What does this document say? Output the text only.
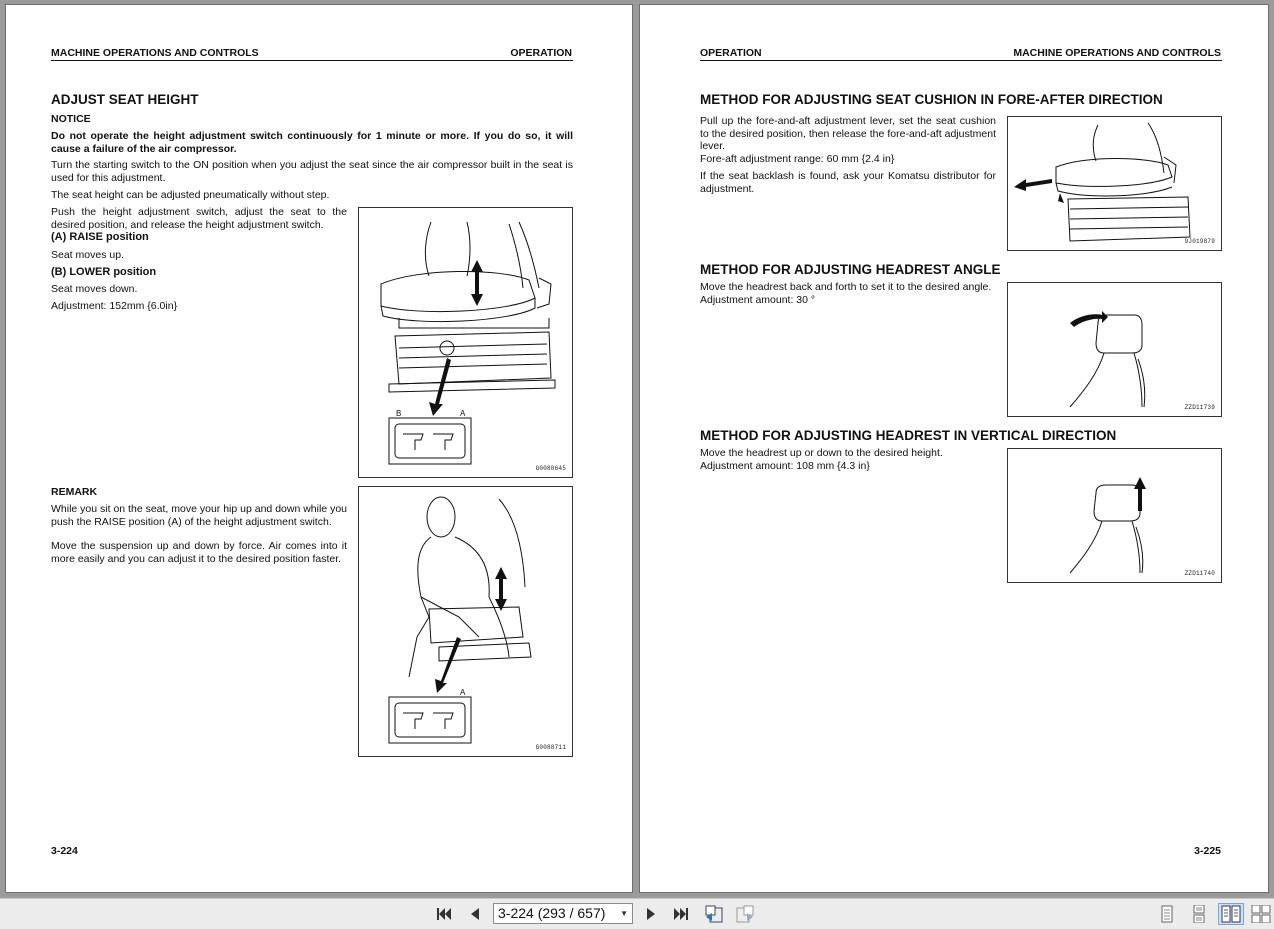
MACHINE OPERATIONS AND CONTROLS	OPERATION
ADJUST SEAT HEIGHT

NOTICE

Do not operate the height adjustment switch continuously for 1 minute or more. If you do so, it will cause a failure of the air compressor.

Turn the starting switch to the ON position when you adjust the seat since the air compressor built in the seat is used for this adjustment.

The seat height can be adjusted pneumatically without step.

Push the height adjustment switch, adjust the seat to the desired position, and release the height adjustment switch.

(A) RAISE position

Seat moves up.

(B) LOWER position

Seat moves down.

Adjustment: 152mm {6.0in}

REMARK

While you sit on the seat, move your hip up and down while you push the RAISE position (A) of the height adjustment switch.

Move the suspension up and down by force. Air comes into it more easily and you can adjust it to the desired position faster.

B	A
G0088645
A
G0088711
3-224
OPERATION	MACHINE OPERATIONS AND CONTROLS
METHOD FOR ADJUSTING SEAT CUSHION IN FORE-AFTER DIRECTION

Pull up the fore-and-aft adjustment lever, set the seat cushion to the desired position, then release the fore-and-aft adjustment lever.

Fore-aft adjustment range: 60 mm {2.4 in}

If the seat backlash is found, ask your Komatsu distributor for adjustment.

9J019879
METHOD FOR ADJUSTING HEADREST ANGLE

Move the headrest back and forth to set it to the desired angle.

Adjustment amount: 30 °

ZZD11739
METHOD FOR ADJUSTING HEADREST IN VERTICAL DIRECTION

Move the headrest up or down to the desired height.

Adjustment amount: 108 mm {4.3 in}

ZZD11740
3-225
3-224 (293 / 657) ▼
